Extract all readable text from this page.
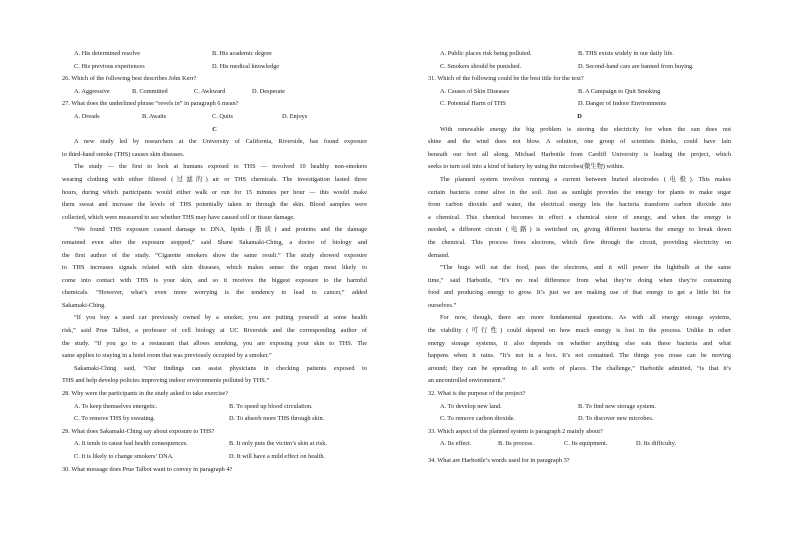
A. His determined resolve	B. His academic degree
C. His previous experiences	D. His medical knowledge
26. Which of the following best describes John Kerr?
A. Aggressive	B. Committed	C. Awkward	D. Desperate
27. What does the underlined phrase “revels in” in paragraph 6 mean?
A. Dreads	B. Awaits	C. Quits	D. Enjoys
C
A new study led by researchers at the University of California, Riverside, has found exposure
to third-hand smoke (THS) causes skin diseases.
The study — the first to look at humans exposed to THS — involved 10 healthy non-smokers
wearing clothing with either filtered (过滤的) air or THS chemicals. The investigation lasted three
hours, during which participants would either walk or run for 15 minutes per hour — this would make
them sweat and increase the levels of THS potentially taken in through the skin. Blood samples were
collected, which were measured to see whether THS may have caused cell or tissue damage.
“We found THS exposure caused damage to DNA, lipids (脂质) and proteins and the damage
remained even after the exposure stopped,” said Shane Sakamaki-Ching, a doctor of biology and
the first author of the study. “Cigarette smokers show the same result.” The study showed exposure
to THS increases signals related with skin diseases, which makes sense: the organ most likely to
come into contact with THS is your skin, and so it receives the biggest exposure to the harmful
chemicals. “However, what’s even more worrying is the tendency to lead to cancer,” added
Sakamaki-Ching.
“If you buy a used car previously owned by a smoker, you are putting yourself at some health
risk,” said Prue Talbot, a professor of cell biology at UC Riverside and the corresponding author of
the study. “If you go to a restaurant that allows smoking, you are exposing your skin to THS. The
same applies to staying in a hotel room that was previously occupied by a smoker.”
Sakamaki-Ching said, “Our findings can assist physicians in checking patients exposed to
THS and help develop policies improving indoor environments polluted by THS.”
28. Why were the participants in the study asked to take exercise?
A. To keep themselves energetic.	B. To speed up blood circulation.
C. To remove THS by sweating.	D. To absorb more THS through skin.
29. What does Sakamaki-Ching say about exposure to THS?
A. It tends to cause bad health consequences.	B. It only puts the victim’s skin at risk.
C. It is likely to change smokers’ DNA.	D. It will have a mild effect on health.
30. What message does Prue Talbot want to convey in paragraph 4?
A. Public places risk being polluted.	B. THS exists widely in our daily life.
C. Smokers should be punished.	D. Second-hand cars are banned from buying.
31. Which of the following could be the best title for the text?
A. Causes of Skin Diseases	B. A Campaign to Quit Smoking
C. Potential Harm of THS	D. Danger of Indoor Environments
D
With renewable energy the big problem is storing the electricity for when the sun does not
shine and the wind does not blow. A solution, one group of scientists thinks, could have lain
beneath our feet all along. Michael Harbottle from Cardiff University is leading the project, which
seeks to turn soil into a kind of battery by using the microbes(微生物) within.
The planned system involves running a current between buried electrodes (电极). This makes
certain bacteria come alive in the soil. Just as sunlight provides the energy for plants to make sugar
from carbon dioxide and water, the electrical energy lets the bacteria transform carbon dioxide into
a chemical. This chemical becomes in effect a chemical store of energy, and when the energy is
needed, a different circuit (电路) is switched on, giving different bacteria the energy to break down
the chemical. This process frees electrons, which flow through the circuit, providing electricity on
demand.
“The bugs will eat the food, pass the electrons, and it will power the lightbulb at the same
time,” said Harbottle, “It’s no real difference from what they’re doing when they’re consuming
food and producing energy to grow. It’s just we are making use of that energy to get a little bit for
ourselves.”
For now, though, there are more fundamental questions. As with all energy storage systems,
the viability (可行性) could depend on how much energy is lost in the process. Unlike in other
energy storage systems, it also depends on whether anything else eats these bacteria and what
happens when it rains. “It’s not in a box. It’s not contained. The things you reuse can be moving
around; they can be spreading to all sorts of places. The challenge,” Harbottle admitted, “is that it’s
an uncontrolled environment.”
32. What is the purpose of the project?
A. To develop new land.	B. To find new storage system.
C. To remove carbon dioxide.	D. To discover new microbes.
33. Which aspect of the planned system is paragraph 2 mainly about?
A. Its effect.	B. Its process.	C. Its equipment.	D. Its difficulty.
34. What are Harbottle’s words used for in paragraph 3?
